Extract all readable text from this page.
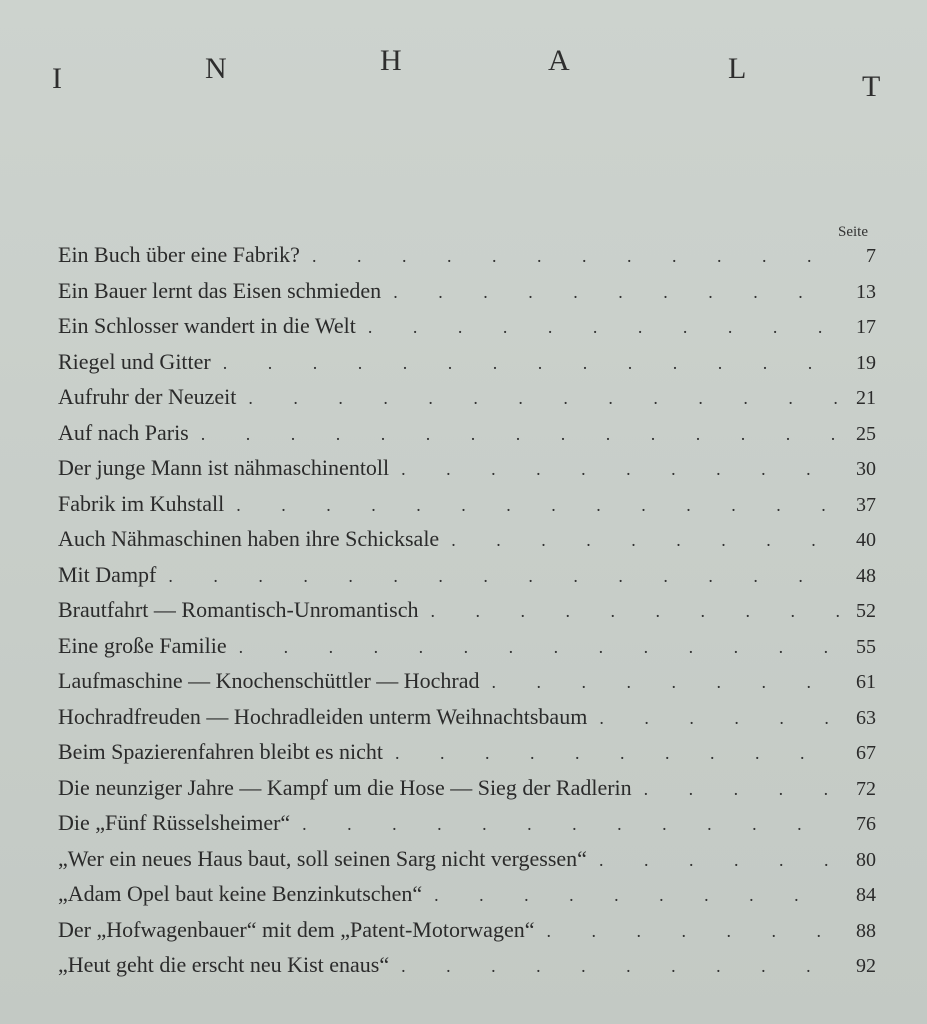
I	N	H	A	L
T
Seite
Ein Buch über eine Fabrik? . . .	7
Ein Bauer lernt das Eisen schmieden . . .	13
Ein Schlosser wandert in die Welt . . .	17
Riegel und Gitter . . .	19
Aufruhr der Neuzeit . . .	21
Auf nach Paris . . .	25
Der junge Mann ist nähmaschinentoll . . .	30
Fabrik im Kuhstall . . .	37
Auch Nähmaschinen haben ihre Schicksale . . .	40
Mit Dampf . . .	48
Brautfahrt — Romantisch-Unromantisch . . .	52
Eine große Familie . . .	55
Laufmaschine — Knochenschüttler — Hochrad . . .	61
Hochradfreuden — Hochradleiden unterm Weihnachtsbaum . . .	63
Beim Spazierenfahren bleibt es nicht . . .	67
Die neunziger Jahre — Kampf um die Hose — Sieg der Radlerin . . .	72
Die „Fünf Rüsselsheimer“ . . .	76
„Wer ein neues Haus baut, soll seinen Sarg nicht vergessen“ . . .	80
„Adam Opel baut keine Benzinkutschen“ . . .	84
Der „Hofwagenbauer“ mit dem „Patent-Motorwagen“ . . .	88
„Heut geht die erscht neu Kist enaus“ . . .	92
